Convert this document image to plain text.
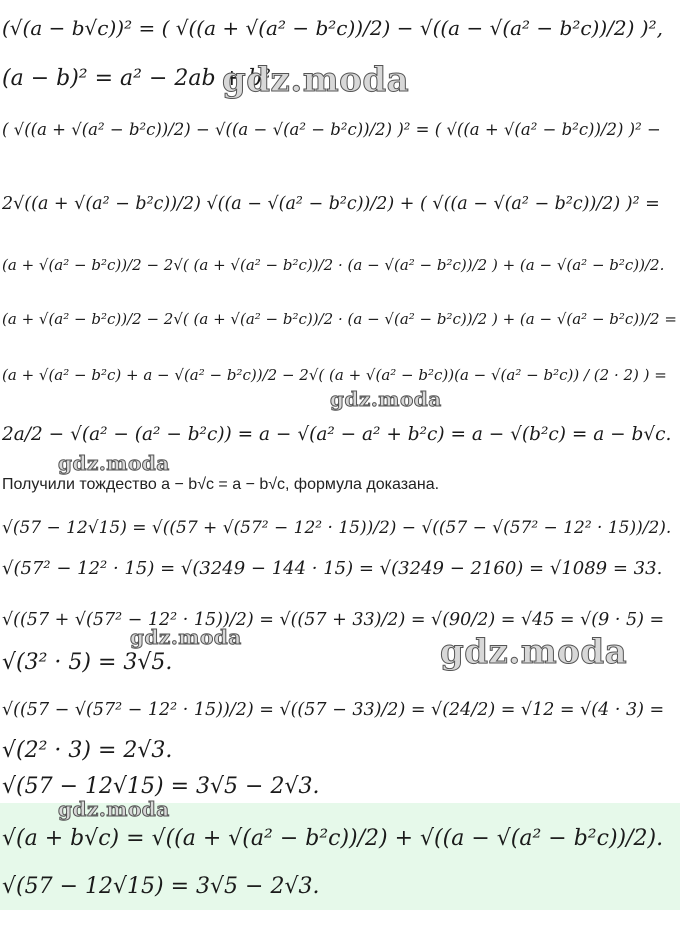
(√(a − b√c))² = ( √((a + √(a² − b²c))/2) − √((a − √(a² − b²c))/2) )²,
(a − b)² = a² − 2ab + b²
( √((a + √(a² − b²c))/2) − √((a − √(a² − b²c))/2) )² = ( √((a + √(a² − b²c))/2) )² −
2√((a + √(a² − b²c))/2) √((a − √(a² − b²c))/2) + ( √((a − √(a² − b²c))/2) )² =
(a + √(a² − b²c))/2 − 2√( (a + √(a² − b²c))/2 · (a − √(a² − b²c))/2 ) + (a − √(a² − b²c))/2.
(a + √(a² − b²c))/2 − 2√( (a + √(a² − b²c))/2 · (a − √(a² − b²c))/2 ) + (a − √(a² − b²c))/2 =
(a + √(a² − b²c) + a − √(a² − b²c))/2 − 2√( (a + √(a² − b²c))(a − √(a² − b²c)) / (2 · 2) ) =
2a/2 − √(a² − (a² − b²c)) = a − √(a² − a² + b²c) = a − √(b²c) = a − b√c.
Получили тождество a − b√c = a − b√c, формула доказана.
√(57 − 12√15) = √((57 + √(57² − 12² · 15))/2) − √((57 − √(57² − 12² · 15))/2).
√(57² − 12² · 15) = √(3249 − 144 · 15) = √(3249 − 2160) = √1089 = 33.
√((57 + √(57² − 12² · 15))/2) = √((57 + 33)/2) = √(90/2) = √45 = √(9 · 5) =
√(3² · 5) = 3√5.
√((57 − √(57² − 12² · 15))/2) = √((57 − 33)/2) = √(24/2) = √12 = √(4 · 3) =
√(2² · 3) = 2√3.
√(57 − 12√15) = 3√5 − 2√3.
√(a + b√c) = √((a + √(a² − b²c))/2) + √((a − √(a² − b²c))/2).
√(57 − 12√15) = 3√5 − 2√3.
gdz.moda
gdz.moda
gdz.moda
gdz.moda	gdz.moda
gdz.moda
